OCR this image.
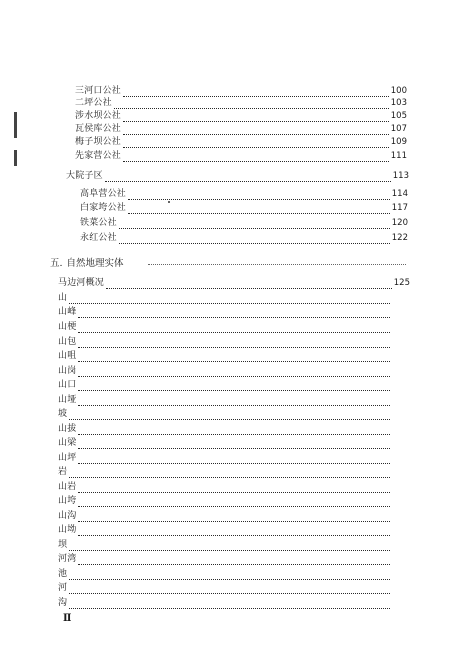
三河口公社	100
二坪公社	103
涉水坝公社	105
瓦侯库公社	107
梅子坝公社	109
先家营公社	111
大院子区	113
高阜营公社	114
白家垮公社	117
铁菜公社	120
永红公社	122
五. 自然地理实体
马边河概况	125
山
山峰
山梗
山包
山咀
山岗
山口
山垭
坡
山拔
山梁
山坪
岩
山岩
山垮
山沟
山坳
坝
河湾
池
河
沟
Ⅱ
